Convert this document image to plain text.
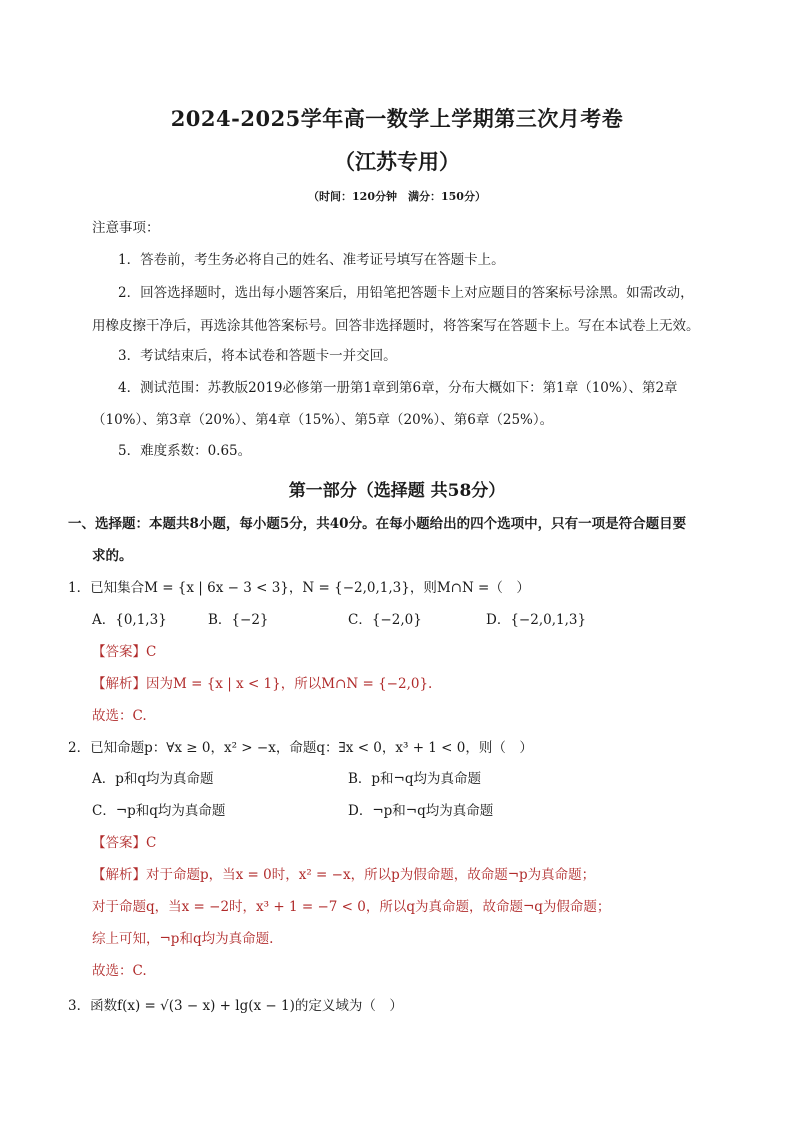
2024-2025学年高一数学上学期第三次月考卷
（江苏专用）
（时间：120分钟　满分：150分）
注意事项：
1．答卷前，考生务必将自己的姓名、准考证号填写在答题卡上。
2．回答选择题时，选出每小题答案后，用铅笔把答题卡上对应题目的答案标号涂黑。如需改动，
用橡皮擦干净后，再选涂其他答案标号。回答非选择题时，将答案写在答题卡上。写在本试卷上无效。
3．考试结束后，将本试卷和答题卡一并交回。
4．测试范围：苏教版2019必修第一册第1章到第6章，分布大概如下：第1章（10%）、第2章
（10%）、第3章（20%）、第4章（15%）、第5章（20%）、第6章（25%）。
5．难度系数：0.65。
第一部分（选择题 共58分）
一、选择题：本题共8小题，每小题5分，共40分。在每小题给出的四个选项中，只有一项是符合题目要
求的。
1．已知集合M = {x | 6x − 3 < 3}，N = {−2,0,1,3}，则M∩N =（　）
A．{0,1,3}	B．{−2}	C．{−2,0}	D．{−2,0,1,3}
【答案】C
【解析】因为M = {x | x < 1}，所以M∩N = {−2,0}.
故选：C.
2．已知命题p：∀x ≥ 0，x² > −x，命题q：∃x < 0，x³ + 1 < 0，则（　）
A．p和q均为真命题	B．p和¬q均为真命题
C．¬p和q均为真命题	D．¬p和¬q均为真命题
【答案】C
【解析】对于命题p，当x = 0时，x² = −x，所以p为假命题，故命题¬p为真命题；
对于命题q，当x = −2时，x³ + 1 = −7 < 0，所以q为真命题，故命题¬q为假命题；
综上可知，¬p和q均为真命题.
故选：C.
3．函数f(x) = √(3 − x) + lg(x − 1)的定义域为（　）
